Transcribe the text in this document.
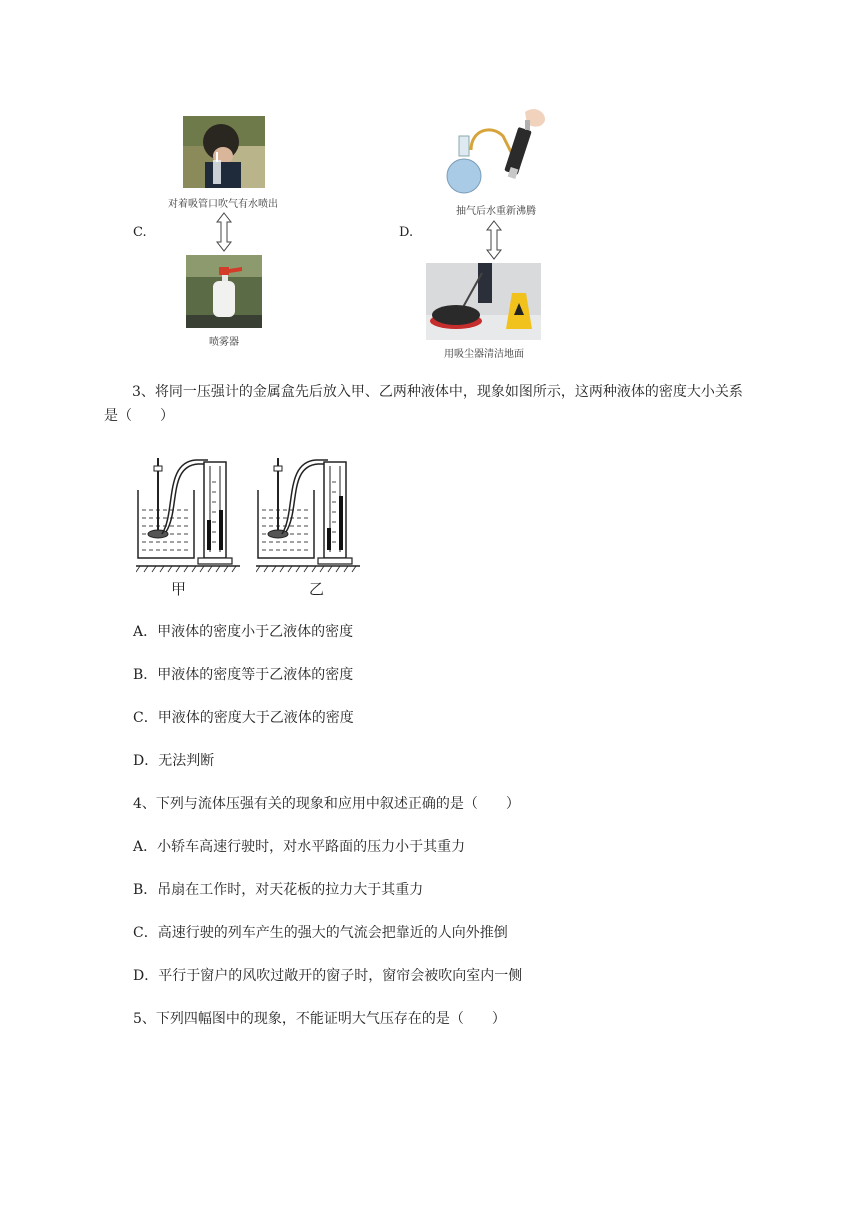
对着吸管口吹气有水喷出
C.
喷雾器
抽气后水重新沸腾
D.
用吸尘器清洁地面
3、将同一压强计的金属盒先后放入甲、乙两种液体中，现象如图所示，这两种液体的密度大小关系是（　　）
甲	乙
A．甲液体的密度小于乙液体的密度
B．甲液体的密度等于乙液体的密度
C．甲液体的密度大于乙液体的密度
D．无法判断
4、下列与流体压强有关的现象和应用中叙述正确的是（　　）
A．小轿车高速行驶时，对水平路面的压力小于其重力
B．吊扇在工作时，对天花板的拉力大于其重力
C．高速行驶的列车产生的强大的气流会把靠近的人向外推倒
D．平行于窗户的风吹过敞开的窗子时，窗帘会被吹向室内一侧
5、下列四幅图中的现象，不能证明大气压存在的是（　　）
